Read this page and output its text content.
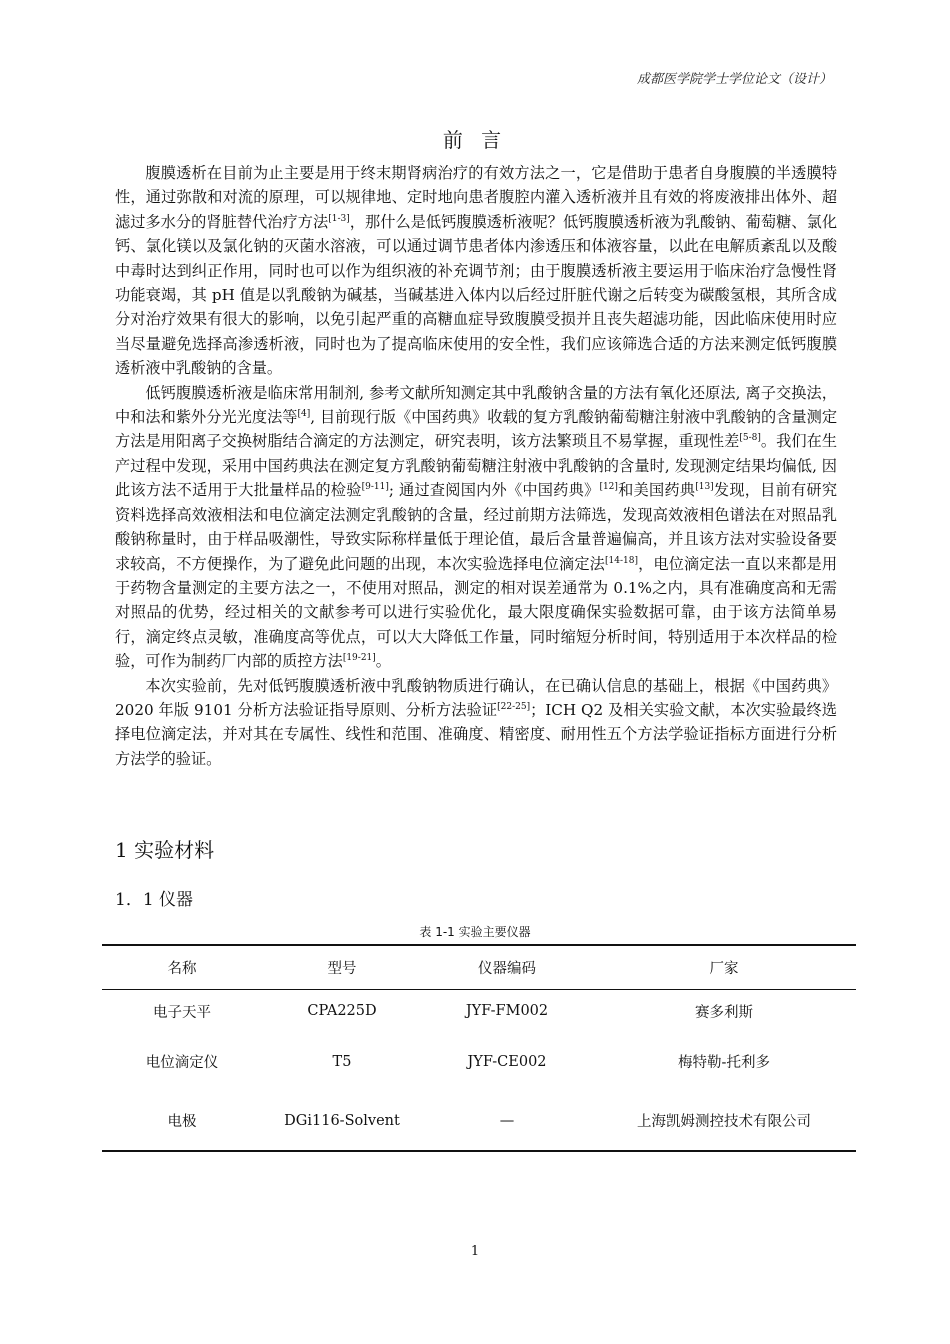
成都医学院学士学位论文（设计）
前 言

腹膜透析在目前为止主要是用于终末期肾病治疗的有效方法之一，它是借助于患者自身腹膜的半透膜特性，通过弥散和对流的原理，可以规律地、定时地向患者腹腔内灌入透析液并且有效的将废液排出体外、超滤过多水分的肾脏替代治疗方法[1-3]，那什么是低钙腹膜透析液呢？低钙腹膜透析液为乳酸钠、葡萄糖、氯化钙、氯化镁以及氯化钠的灭菌水溶液，可以通过调节患者体内渗透压和体液容量，以此在电解质紊乱以及酸中毒时达到纠正作用，同时也可以作为组织液的补充调节剂；由于腹膜透析液主要运用于临床治疗急慢性肾功能衰竭，其 pH 值是以乳酸钠为碱基，当碱基进入体内以后经过肝脏代谢之后转变为碳酸氢根，其所含成分对治疗效果有很大的影响，以免引起严重的高糖血症导致腹膜受损并且丧失超滤功能，因此临床使用时应当尽量避免选择高渗透析液，同时也为了提高临床使用的安全性，我们应该筛选合适的方法来测定低钙腹膜透析液中乳酸钠的含量。

低钙腹膜透析液是临床常用制剂, 参考文献所知测定其中乳酸钠含量的方法有氧化还原法, 离子交换法，中和法和紫外分光光度法等[4], 目前现行版《中国药典》收载的复方乳酸钠葡萄糖注射液中乳酸钠的含量测定方法是用阳离子交换树脂结合滴定的方法测定，研究表明，该方法繁琐且不易掌握，重现性差[5-8]。我们在生产过程中发现，采用中国药典法在测定复方乳酸钠葡萄糖注射液中乳酸钠的含量时, 发现测定结果均偏低, 因此该方法不适用于大批量样品的检验[9-11]; 通过查阅国内外《中国药典》[12]和美国药典[13]发现，目前有研究资料选择高效液相法和电位滴定法测定乳酸钠的含量，经过前期方法筛选，发现高效液相色谱法在对照品乳酸钠称量时，由于样品吸潮性，导致实际称样量低于理论值，最后含量普遍偏高，并且该方法对实验设备要求较高，不方便操作，为了避免此问题的出现，本次实验选择电位滴定法[14-18]，电位滴定法一直以来都是用于药物含量测定的主要方法之一，不使用对照品，测定的相对误差通常为 0.1%之内，具有准确度高和无需对照品的优势，经过相关的文献参考可以进行实验优化，最大限度确保实验数据可靠，由于该方法简单易行，滴定终点灵敏，准确度高等优点，可以大大降低工作量，同时缩短分析时间，特别适用于本次样品的检验，可作为制药厂内部的质控方法[19-21]。

本次实验前，先对低钙腹膜透析液中乳酸钠物质进行确认，在已确认信息的基础上，根据《中国药典》2020 年版 9101 分析方法验证指导原则、分析方法验证[22-25]；ICH Q2 及相关实验文献，本次实验最终选择电位滴定法，并对其在专属性、线性和范围、准确度、精密度、耐用性五个方法学验证指标方面进行分析方法学的验证。

1 实验材料
1．1 仪器
表 1-1 实验主要仪器
名称	型号	仪器编码	厂家
电子天平	CPA225D	JYF-FM002	赛多利斯
电位滴定仪	T5	JYF-CE002	梅特勒-托利多
电极	DGi116-Solvent	—	上海凯姆测控技术有限公司
1
